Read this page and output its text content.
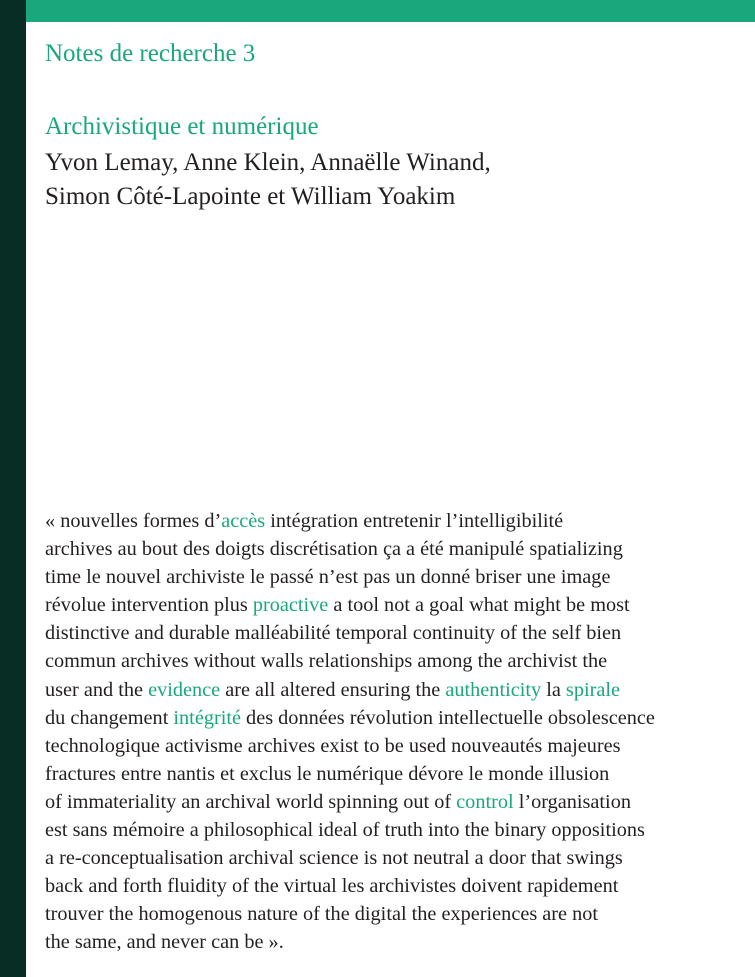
Notes de recherche 3
Archivistique et numérique
Yvon Lemay, Anne Klein, Annaëlle Winand,
Simon Côté-Lapointe et William Yoakim
« nouvelles formes d’accès intégration entretenir l’intelligibilité
archives au bout des doigts discrétisation ça a été manipulé spatializing
time le nouvel archiviste le passé n’est pas un donné briser une image
révolue intervention plus proactive a tool not a goal what might be most
distinctive and durable malléabilité temporal continuity of the self bien
commun archives without walls relationships among the archivist the
user and the evidence are all altered ensuring the authenticity la spirale
du changement intégrité des données révolution intellectuelle obsolescence
technologique activisme archives exist to be used nouveautés majeures
fractures entre nantis et exclus le numérique dévore le monde illusion
of immateriality an archival world spinning out of control l’organisation
est sans mémoire a philosophical ideal of truth into the binary oppositions
a re-conceptualisation archival science is not neutral a door that swings
back and forth fluidity of the virtual les archivistes doivent rapidement
trouver the homogenous nature of the digital the experiences are not
the same, and never can be ».
